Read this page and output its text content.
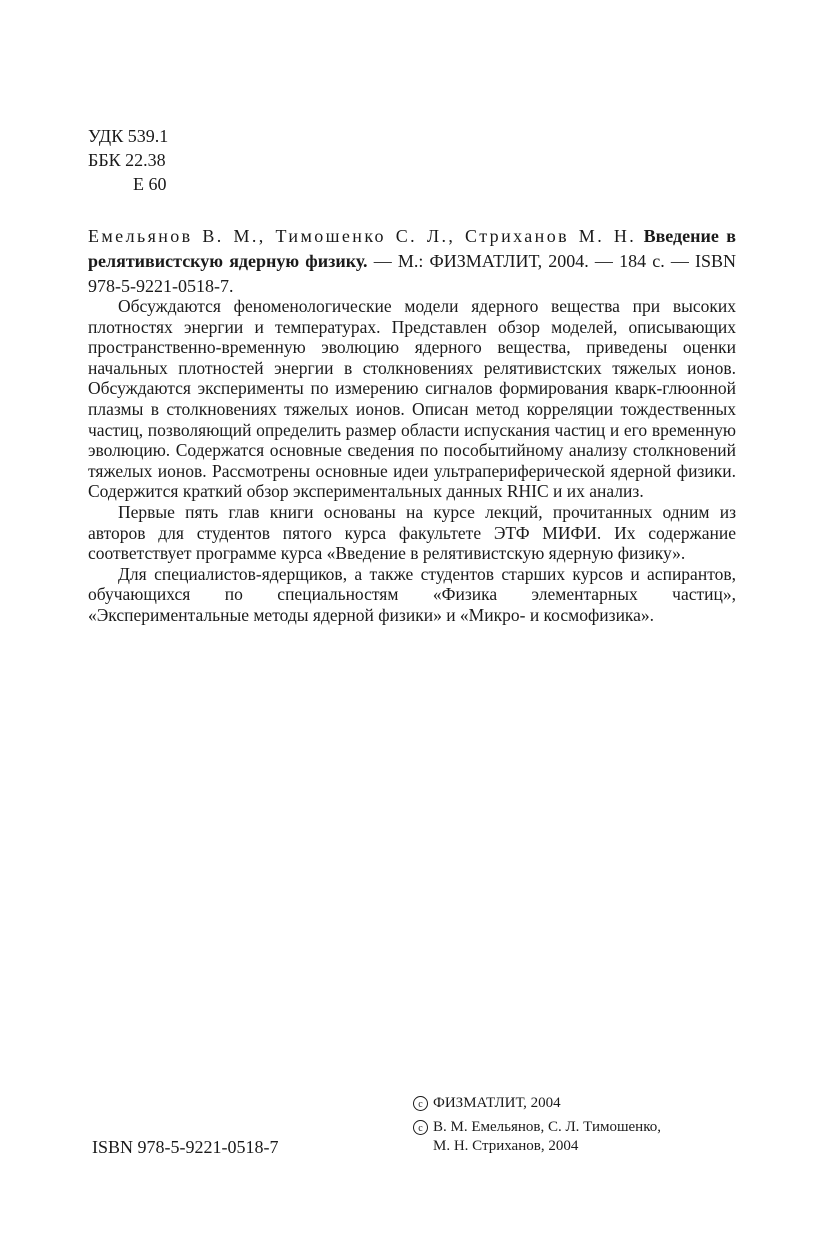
УДК 539.1
ББК 22.38
Е 60
Емельянов В. М., Тимошенко С. Л., Стриханов М. Н. Введение в релятивистскую ядерную физику. — М.: ФИЗМАТЛИТ, 2004. — 184 с. — ISBN 978-5-9221-0518-7.

Обсуждаются феноменологические модели ядерного вещества при высоких плотностях энергии и температурах. Представлен обзор моделей, описывающих пространственно-временную эволюцию ядерного вещества, приведены оценки начальных плотностей энергии в столкновениях релятивистских тяжелых ионов. Обсуждаются эксперименты по измерению сигналов формирования кварк-глюонной плазмы в столкновениях тяжелых ионов. Описан метод корреляции тождественных частиц, позволяющий определить размер области испускания частиц и его временную эволюцию. Содержатся основные сведения по пособытийному анализу столкновений тяжелых ионов. Рассмотрены основные идеи ультрапериферической ядерной физики. Содержится краткий обзор экспериментальных данных RHIC и их анализ.

Первые пять глав книги основаны на курсе лекций, прочитанных одним из авторов для студентов пятого курса факультете ЭТФ МИФИ. Их содержание соответствует программе курса «Введение в релятивистскую ядерную физику».

Для специалистов-ядерщиков, а также студентов старших курсов и аспирантов, обучающихся по специальностям «Физика элементарных частиц», «Экспериментальные методы ядерной физики» и «Микро- и космофизика».

ISBN 978-5-9221-0518-7
c ФИЗМАТЛИТ, 2004
c В. М. Емельянов, С. Л. Тимошенко,
М. Н. Стриханов, 2004
